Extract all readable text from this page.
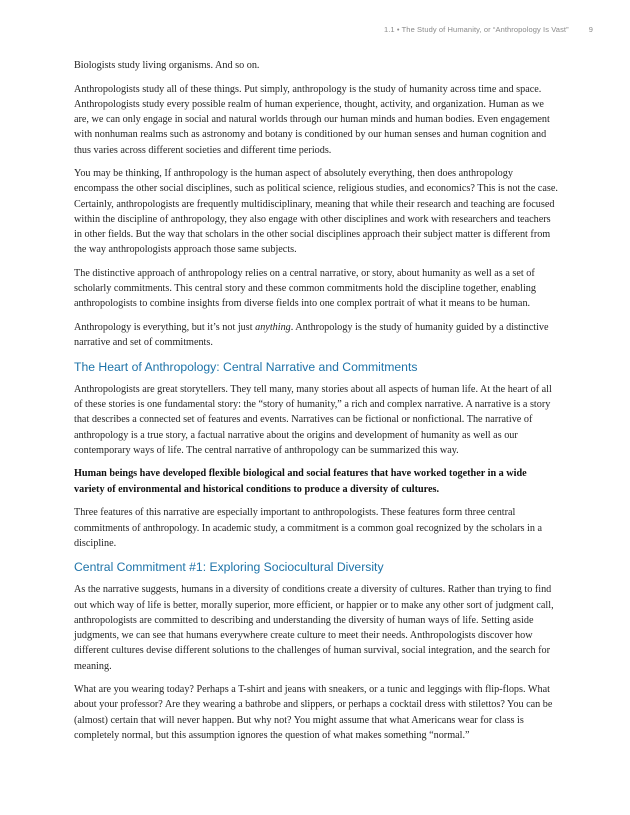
1.1 • The Study of Humanity, or “Anthropology Is Vast”	9

Biologists study living organisms. And so on.

Anthropologists study all of these things. Put simply, anthropology is the study of humanity across time and space. Anthropologists study every possible realm of human experience, thought, activity, and organization. Human as we are, we can only engage in social and natural worlds through our human minds and human bodies. Even engagement with nonhuman realms such as astronomy and botany is conditioned by our human senses and human cognition and thus varies across different societies and different time periods.

You may be thinking, If anthropology is the human aspect of absolutely everything, then does anthropology encompass the other social disciplines, such as political science, religious studies, and economics? This is not the case. Certainly, anthropologists are frequently multidisciplinary, meaning that while their research and teaching are focused within the discipline of anthropology, they also engage with other disciplines and work with researchers and teachers in other fields. But the way that scholars in the other social disciplines approach their subject matter is different from the way anthropologists approach those same subjects.

The distinctive approach of anthropology relies on a central narrative, or story, about humanity as well as a set of scholarly commitments. This central story and these common commitments hold the discipline together, enabling anthropologists to combine insights from diverse fields into one complex portrait of what it means to be human.

Anthropology is everything, but it’s not just anything. Anthropology is the study of humanity guided by a distinctive narrative and set of commitments.

The Heart of Anthropology: Central Narrative and Commitments

Anthropologists are great storytellers. They tell many, many stories about all aspects of human life. At the heart of all of these stories is one fundamental story: the “story of humanity,” a rich and complex narrative. A narrative is a story that describes a connected set of features and events. Narratives can be fictional or nonfictional. The narrative of anthropology is a true story, a factual narrative about the origins and development of humanity as well as our contemporary ways of life. The central narrative of anthropology can be summarized this way.

Human beings have developed flexible biological and social features that have worked together in a wide variety of environmental and historical conditions to produce a diversity of cultures.

Three features of this narrative are especially important to anthropologists. These features form three central commitments of anthropology. In academic study, a commitment is a common goal recognized by the scholars in a discipline.

Central Commitment #1: Exploring Sociocultural Diversity

As the narrative suggests, humans in a diversity of conditions create a diversity of cultures. Rather than trying to find out which way of life is better, morally superior, more efficient, or happier or to make any other sort of judgment call, anthropologists are committed to describing and understanding the diversity of human ways of life. Setting aside judgments, we can see that humans everywhere create culture to meet their needs. Anthropologists discover how different cultures devise different solutions to the challenges of human survival, social integration, and the search for meaning.

What are you wearing today? Perhaps a T-shirt and jeans with sneakers, or a tunic and leggings with flip-flops. What about your professor? Are they wearing a bathrobe and slippers, or perhaps a cocktail dress with stilettos? You can be (almost) certain that will never happen. But why not? You might assume that what Americans wear for class is completely normal, but this assumption ignores the question of what makes something “normal.”
